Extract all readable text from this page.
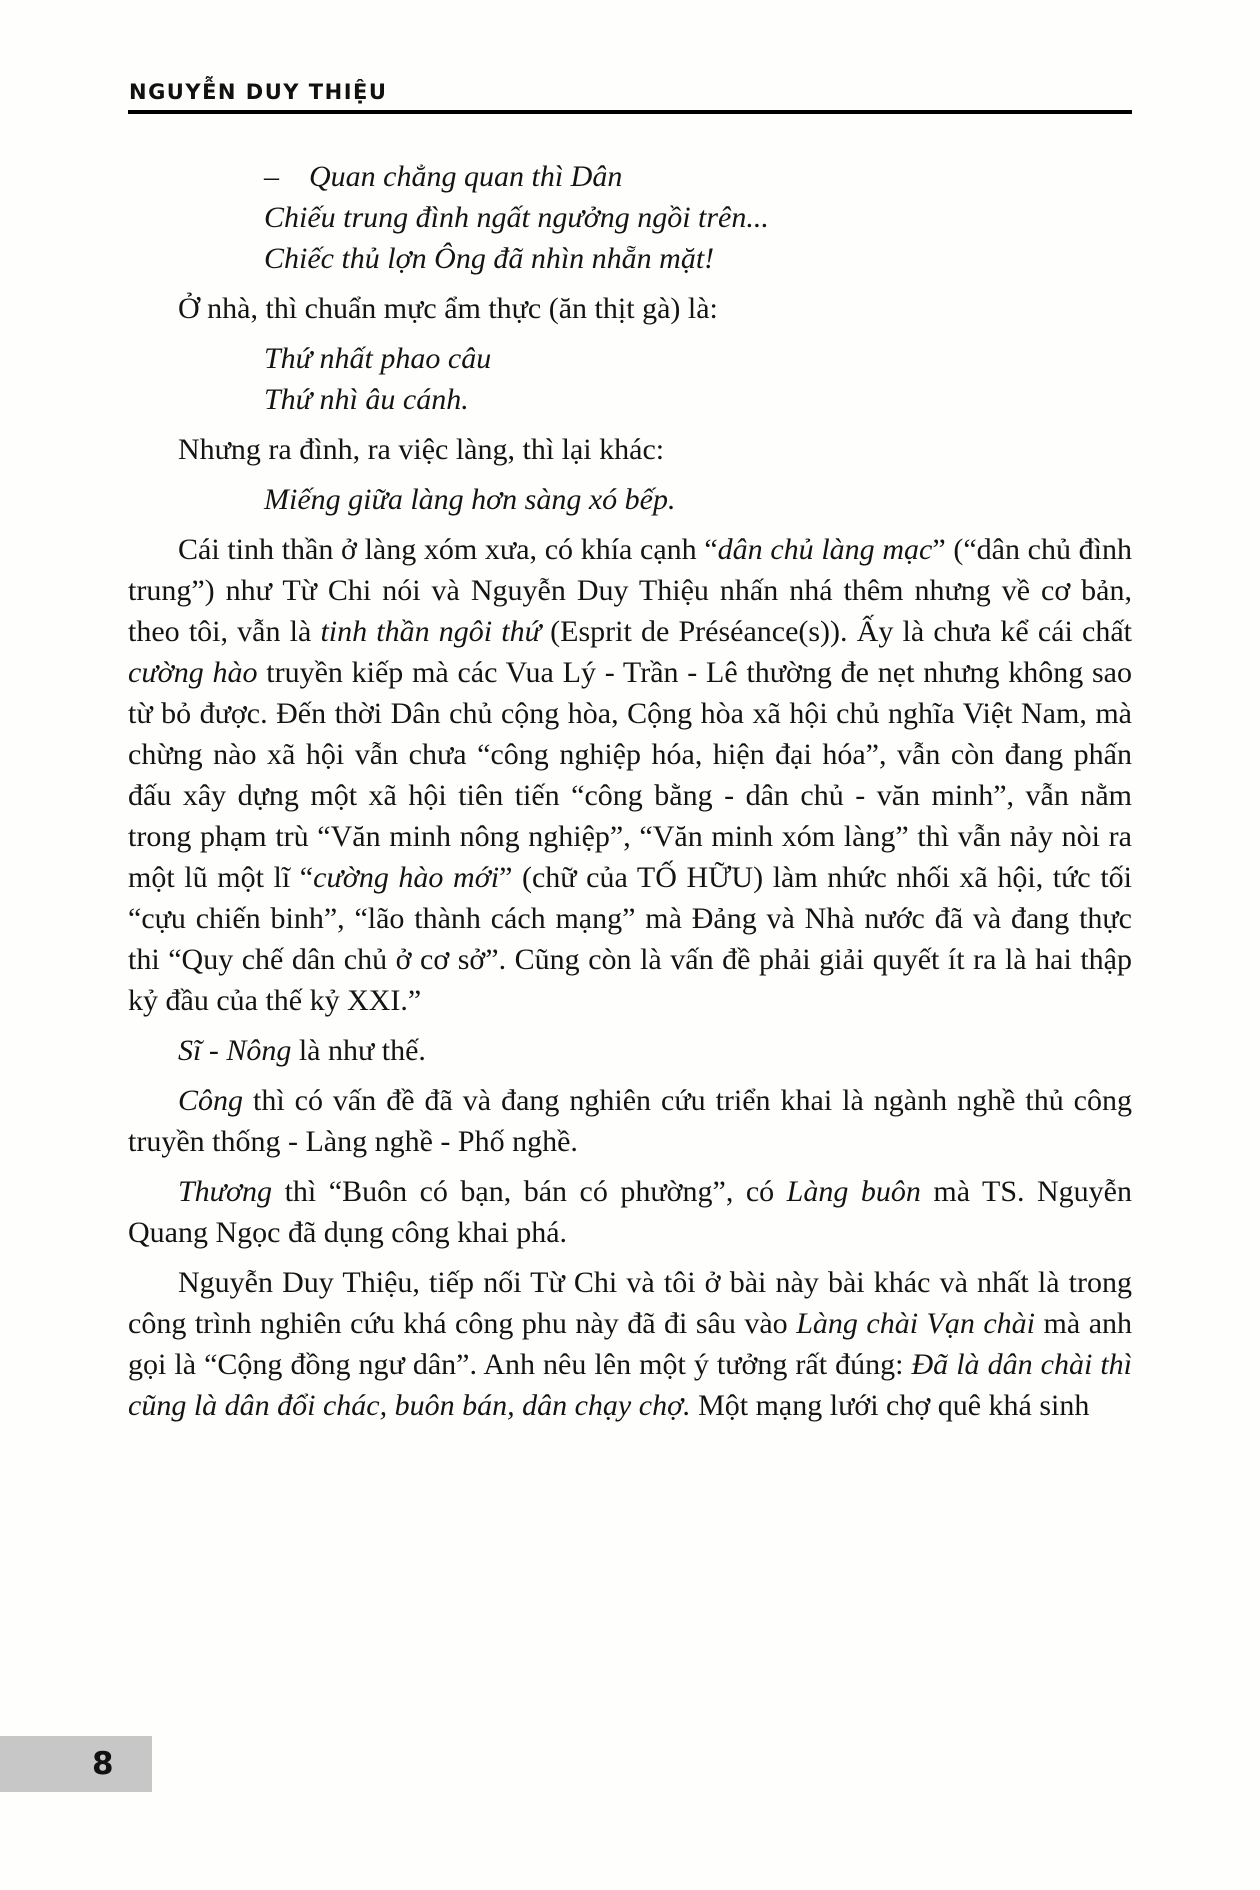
NGUYỄN DUY THIỆU
–    Quan chẳng quan thì Dân
Chiếu trung đình ngất ngưởng ngồi trên...
Chiếc thủ lợn Ông đã nhìn nhẵn mặt!
Ở nhà, thì chuẩn mực ẩm thực (ăn thịt gà) là:
Thứ nhất phao câu
Thứ nhì âu cánh.
Nhưng ra đình, ra việc làng, thì lại khác:
Miếng giữa làng hơn sàng xó bếp.
Cái tinh thần ở làng xóm xưa, có khía cạnh “dân chủ làng mạc” (“dân chủ đình trung”) như Từ Chi nói và Nguyễn Duy Thiệu nhấn nhá thêm nhưng về cơ bản, theo tôi, vẫn là tinh thần ngôi thứ (Esprit de Préséance(s)). Ấy là chưa kể cái chất cường hào truyền kiếp mà các Vua Lý - Trần - Lê thường đe nẹt nhưng không sao từ bỏ được. Đến thời Dân chủ cộng hòa, Cộng hòa xã hội chủ nghĩa Việt Nam, mà chừng nào xã hội vẫn chưa “công nghiệp hóa, hiện đại hóa”, vẫn còn đang phấn đấu xây dựng một xã hội tiên tiến “công bằng - dân chủ - văn minh”, vẫn nằm trong phạm trù “Văn minh nông nghiệp”, “Văn minh xóm làng” thì vẫn nảy nòi ra một lũ một lĩ “cường hào mới” (chữ của TỐ HỮU) làm nhức nhối xã hội, tức tối “cựu chiến binh”, “lão thành cách mạng” mà Đảng và Nhà nước đã và đang thực thi “Quy chế dân chủ ở cơ sở”. Cũng còn là vấn đề phải giải quyết ít ra là hai thập kỷ đầu của thế kỷ XXI.”
Sĩ - Nông là như thế.
Công thì có vấn đề đã và đang nghiên cứu triển khai là ngành nghề thủ công truyền thống - Làng nghề - Phố nghề.
Thương thì “Buôn có bạn, bán có phường”, có Làng buôn mà TS. Nguyễn Quang Ngọc đã dụng công khai phá.
Nguyễn Duy Thiệu, tiếp nối Từ Chi và tôi ở bài này bài khác và nhất là trong công trình nghiên cứu khá công phu này đã đi sâu vào Làng chài Vạn chài mà anh gọi là “Cộng đồng ngư dân”. Anh nêu lên một ý tưởng rất đúng: Đã là dân chài thì cũng là dân đổi chác, buôn bán, dân chạy chợ. Một mạng lưới chợ quê khá sinh
8
